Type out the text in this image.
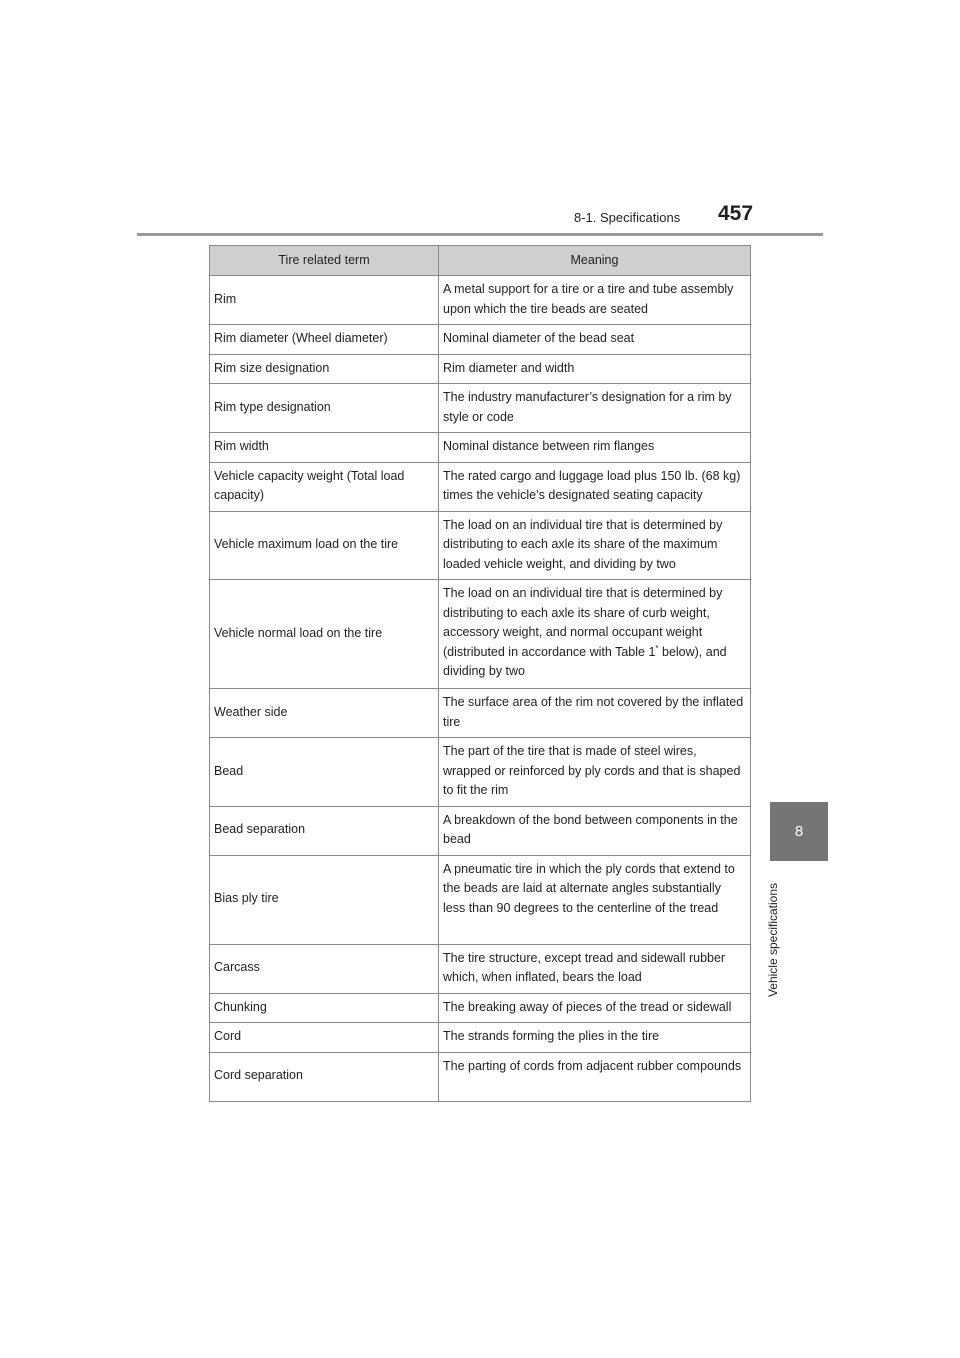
8-1. Specifications 457
8
Vehicle specifications
Tire related term	Meaning
Rim	A metal support for a tire or a tire and tube assembly upon which the tire beads are seated
Rim diameter (Wheel diameter)	Nominal diameter of the bead seat
Rim size designation	Rim diameter and width
Rim type designation	The industry manufacturer’s designation for a rim by style or code
Rim width	Nominal distance between rim flanges
Vehicle capacity weight (Total load capacity)	The rated cargo and luggage load plus 150 lb. (68 kg) times the vehicle’s designated seating capacity
Vehicle maximum load on the tire	The load on an individual tire that is determined by distributing to each axle its share of the maximum loaded vehicle weight, and dividing by two
Vehicle normal load on the tire	The load on an individual tire that is determined by distributing to each axle its share of curb weight, accessory weight, and normal occupant weight (distributed in accordance with Table 1* below), and dividing by two
Weather side	The surface area of the rim not covered by the inflated tire
Bead	The part of the tire that is made of steel wires, wrapped or reinforced by ply cords and that is shaped to fit the rim
Bead separation	A breakdown of the bond between components in the bead
Bias ply tire	A pneumatic tire in which the ply cords that extend to the beads are laid at alternate angles substantially less than 90 degrees to the centerline of the tread
Carcass	The tire structure, except tread and sidewall rubber which, when inflated, bears the load
Chunking	The breaking away of pieces of the tread or sidewall
Cord	The strands forming the plies in the tire
Cord separation	The parting of cords from adjacent rubber compounds
